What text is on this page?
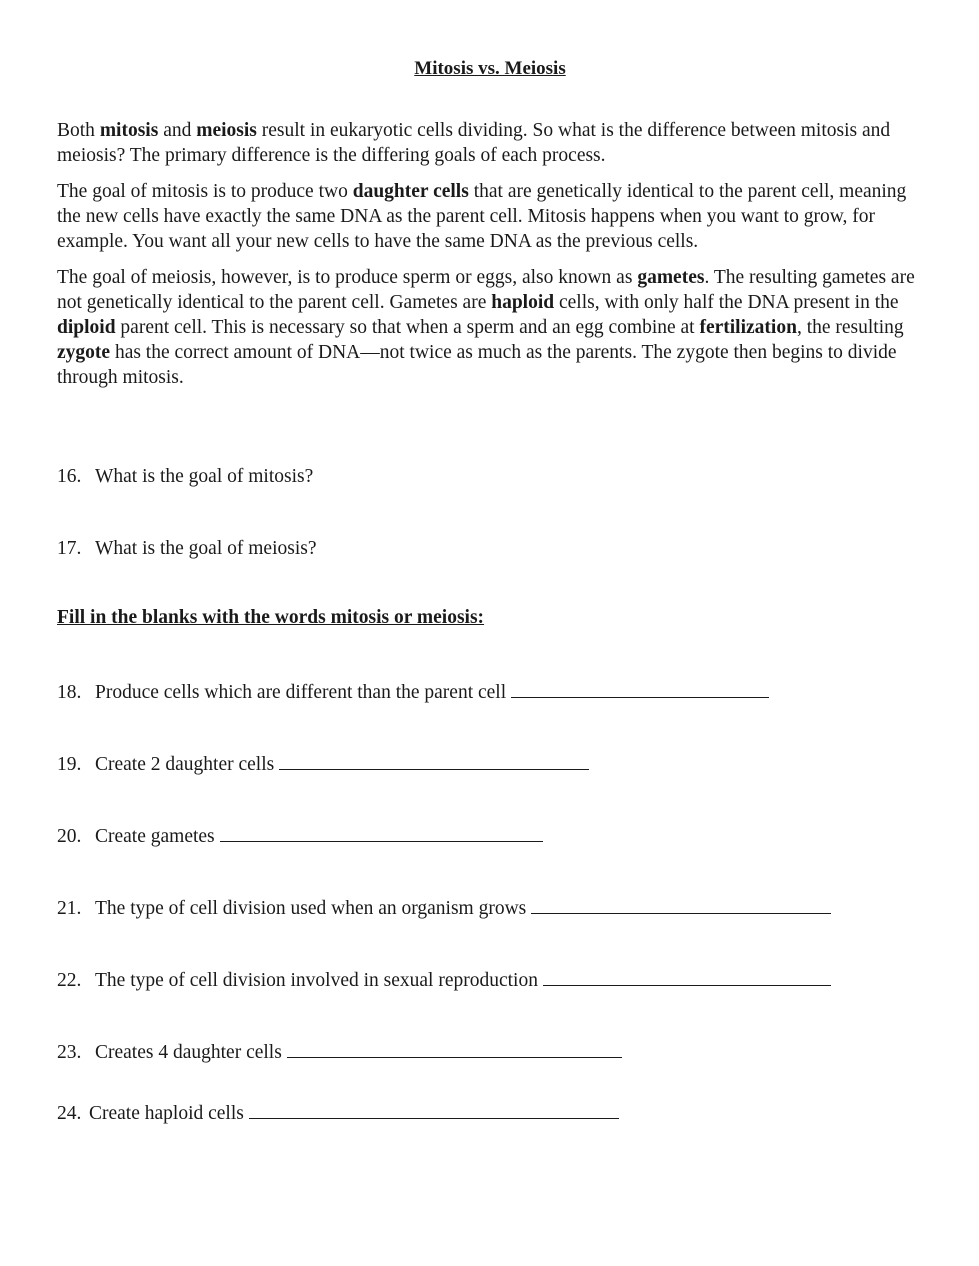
Mitosis vs. Meiosis

Both mitosis and meiosis result in eukaryotic cells dividing. So what is the difference between mitosis and meiosis? The primary difference is the differing goals of each process.

The goal of mitosis is to produce two daughter cells that are genetically identical to the parent cell, meaning the new cells have exactly the same DNA as the parent cell. Mitosis happens when you want to grow, for example. You want all your new cells to have the same DNA as the previous cells.

The goal of meiosis, however, is to produce sperm or eggs, also known as gametes. The resulting gametes are not genetically identical to the parent cell. Gametes are haploid cells, with only half the DNA present in the diploid parent cell. This is necessary so that when a sperm and an egg combine at fertilization, the resulting zygote has the correct amount of DNA—not twice as much as the parents. The zygote then begins to divide through mitosis.

16. What is the goal of mitosis?

17. What is the goal of meiosis?

Fill in the blanks with the words mitosis or meiosis:

18. Produce cells which are different than the parent cell

19. Create 2 daughter cells

20. Create gametes

21. The type of cell division used when an organism grows

22. The type of cell division involved in sexual reproduction

23. Creates 4 daughter cells

24. Create haploid cells
